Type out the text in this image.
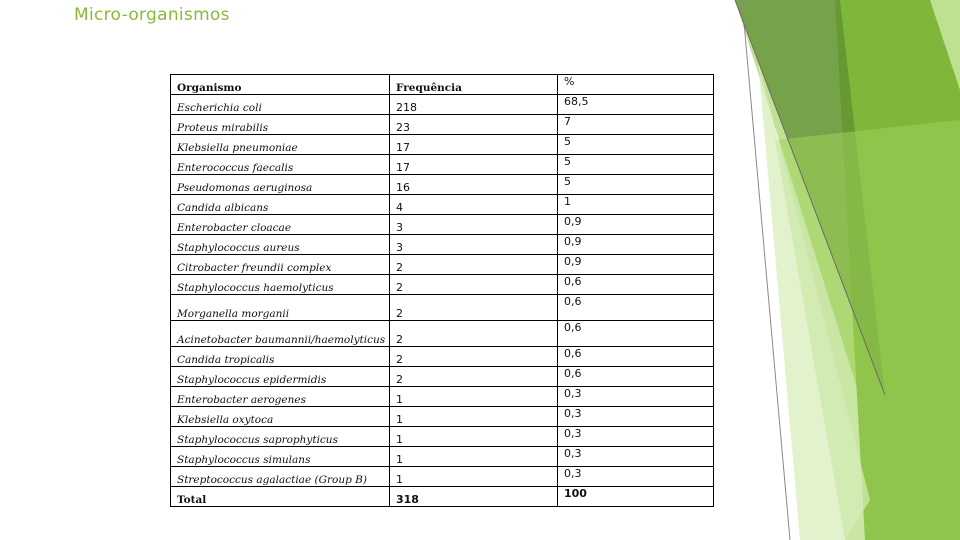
Micro-organismos
Organismo	Frequência	%
Escherichia coli	218	68,5
Proteus mirabilis	23	7
Klebsiella pneumoniae	17	5
Enterococcus faecalis	17	5
Pseudomonas aeruginosa	16	5
Candida albicans	4	1
Enterobacter cloacae	3	0,9
Staphylococcus aureus	3	0,9
Citrobacter freundii complex	2	0,9
Staphylococcus haemolyticus	2	0,6
Morganella morganii	2	0,6
Acinetobacter baumannii/haemolyticus	2	0,6
Candida tropicalis	2	0,6
Staphylococcus epidermidis	2	0,6
Enterobacter aerogenes	1	0,3
Klebsiella oxytoca	1	0,3
Staphylococcus saprophyticus	1	0,3
Staphylococcus simulans	1	0,3
Streptococcus agalactiae (Group B)	1	0,3
Total	318	100
